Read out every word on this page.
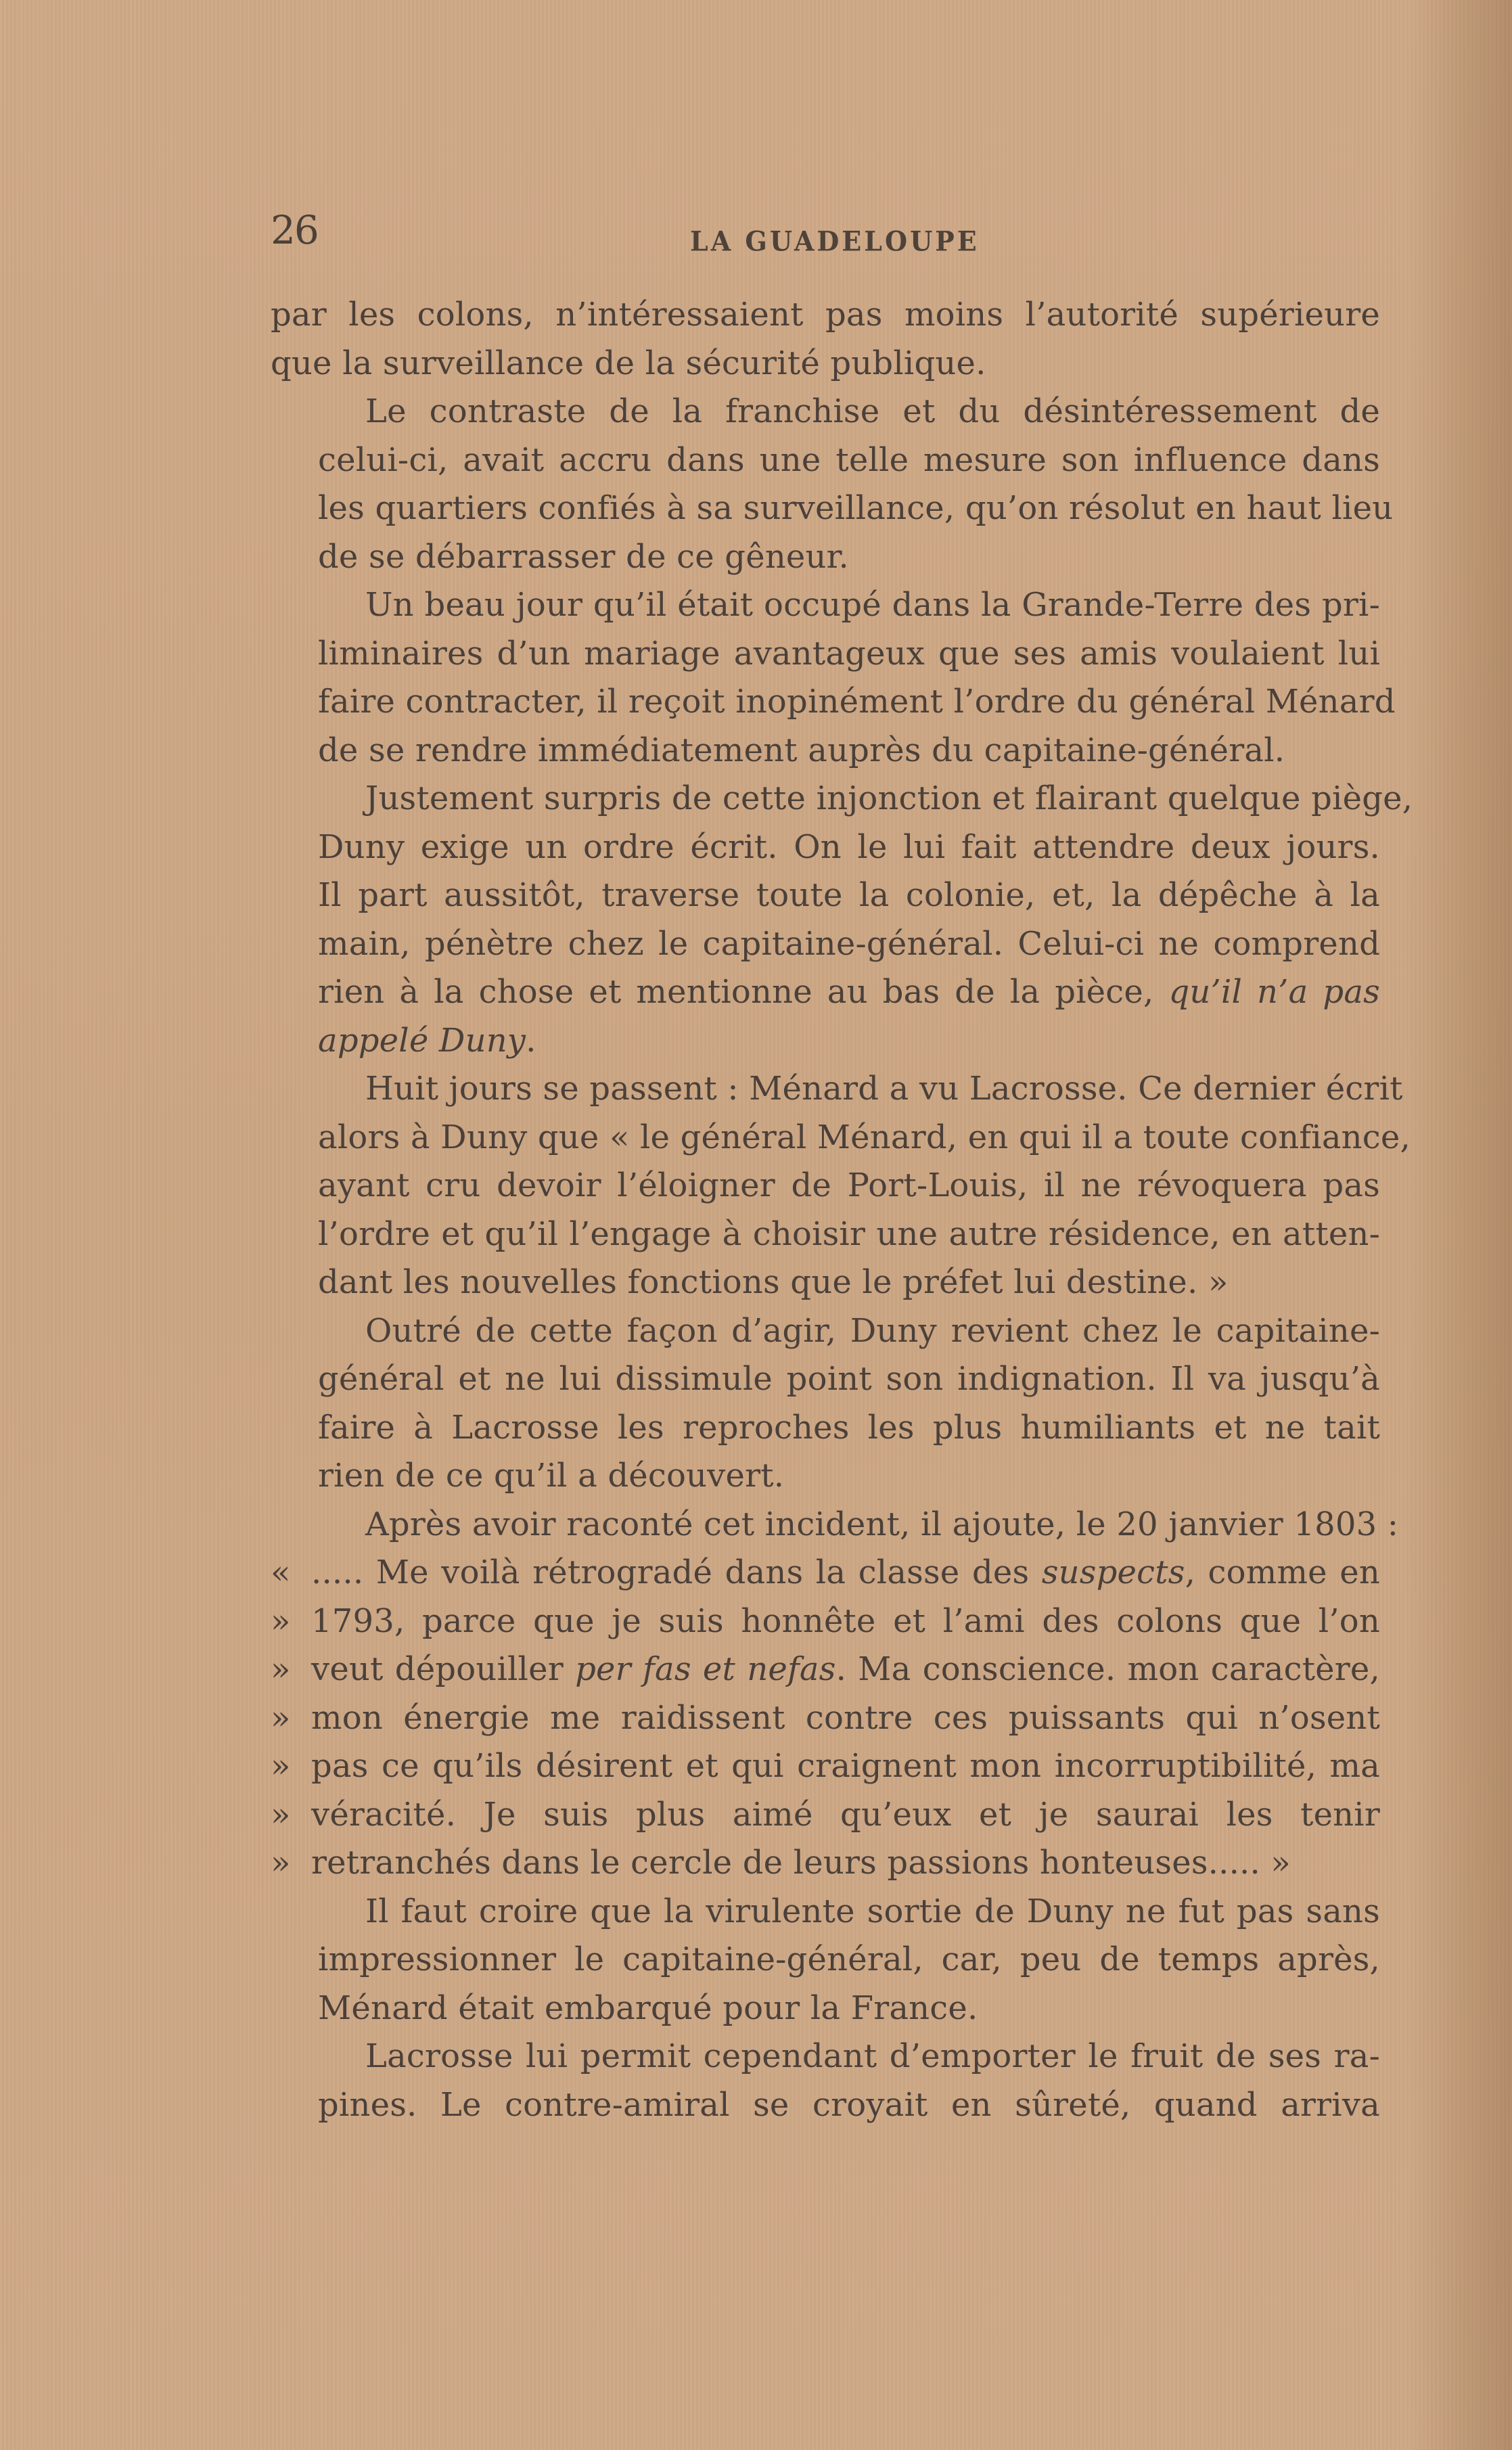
26	LA GUADELOUPE
par les colons, n’intéressaient pas moins l’autorité supérieure
que la surveillance de la sécurité publique.
Le contraste de la franchise et du désintéressement de
celui-ci, avait accru dans une telle mesure son influence dans
les quartiers confiés à sa surveillance, qu’on résolut en haut lieu
de se débarrasser de ce gêneur.
Un beau jour qu’il était occupé dans la Grande-Terre des pri-
liminaires d’un mariage avantageux que ses amis voulaient lui
faire contracter, il reçoit inopinément l’ordre du général Ménard
de se rendre immédiatement auprès du capitaine-général.
Justement surpris de cette injonction et flairant quelque piège,
Duny exige un ordre écrit. On le lui fait attendre deux jours.
Il part aussitôt, traverse toute la colonie, et, la dépêche à la
main, pénètre chez le capitaine-général. Celui-ci ne comprend
rien à la chose et mentionne au bas de la pièce, qu’il n’a pas
appelé Duny.
Huit jours se passent : Ménard a vu Lacrosse. Ce dernier écrit
alors à Duny que « le général Ménard, en qui il a toute confiance,
ayant cru devoir l’éloigner de Port-Louis, il ne révoquera pas
l’ordre et qu’il l’engage à choisir une autre résidence, en atten-
dant les nouvelles fonctions que le préfet lui destine. »
Outré de cette façon d’agir, Duny revient chez le capitaine-
général et ne lui dissimule point son indignation. Il va jusqu’à
faire à Lacrosse les reproches les plus humiliants et ne tait
rien de ce qu’il a découvert.
Après avoir raconté cet incident, il ajoute, le 20 janvier 1803 :
« ..... Me voilà rétrogradé dans la classe des suspects, comme en
» 1793, parce que je suis honnête et l’ami des colons que l’on
» veut dépouiller per fas et nefas. Ma conscience. mon caractère,
» mon énergie me raidissent contre ces puissants qui n’osent
» pas ce qu’ils désirent et qui craignent mon incorruptibilité, ma
» véracité. Je suis plus aimé qu’eux et je saurai les tenir
» retranchés dans le cercle de leurs passions honteuses..... »
Il faut croire que la virulente sortie de Duny ne fut pas sans
impressionner le capitaine-général, car, peu de temps après,
Ménard était embarqué pour la France.
Lacrosse lui permit cependant d’emporter le fruit de ses ra-
pines. Le contre-amiral se croyait en sûreté, quand arriva
